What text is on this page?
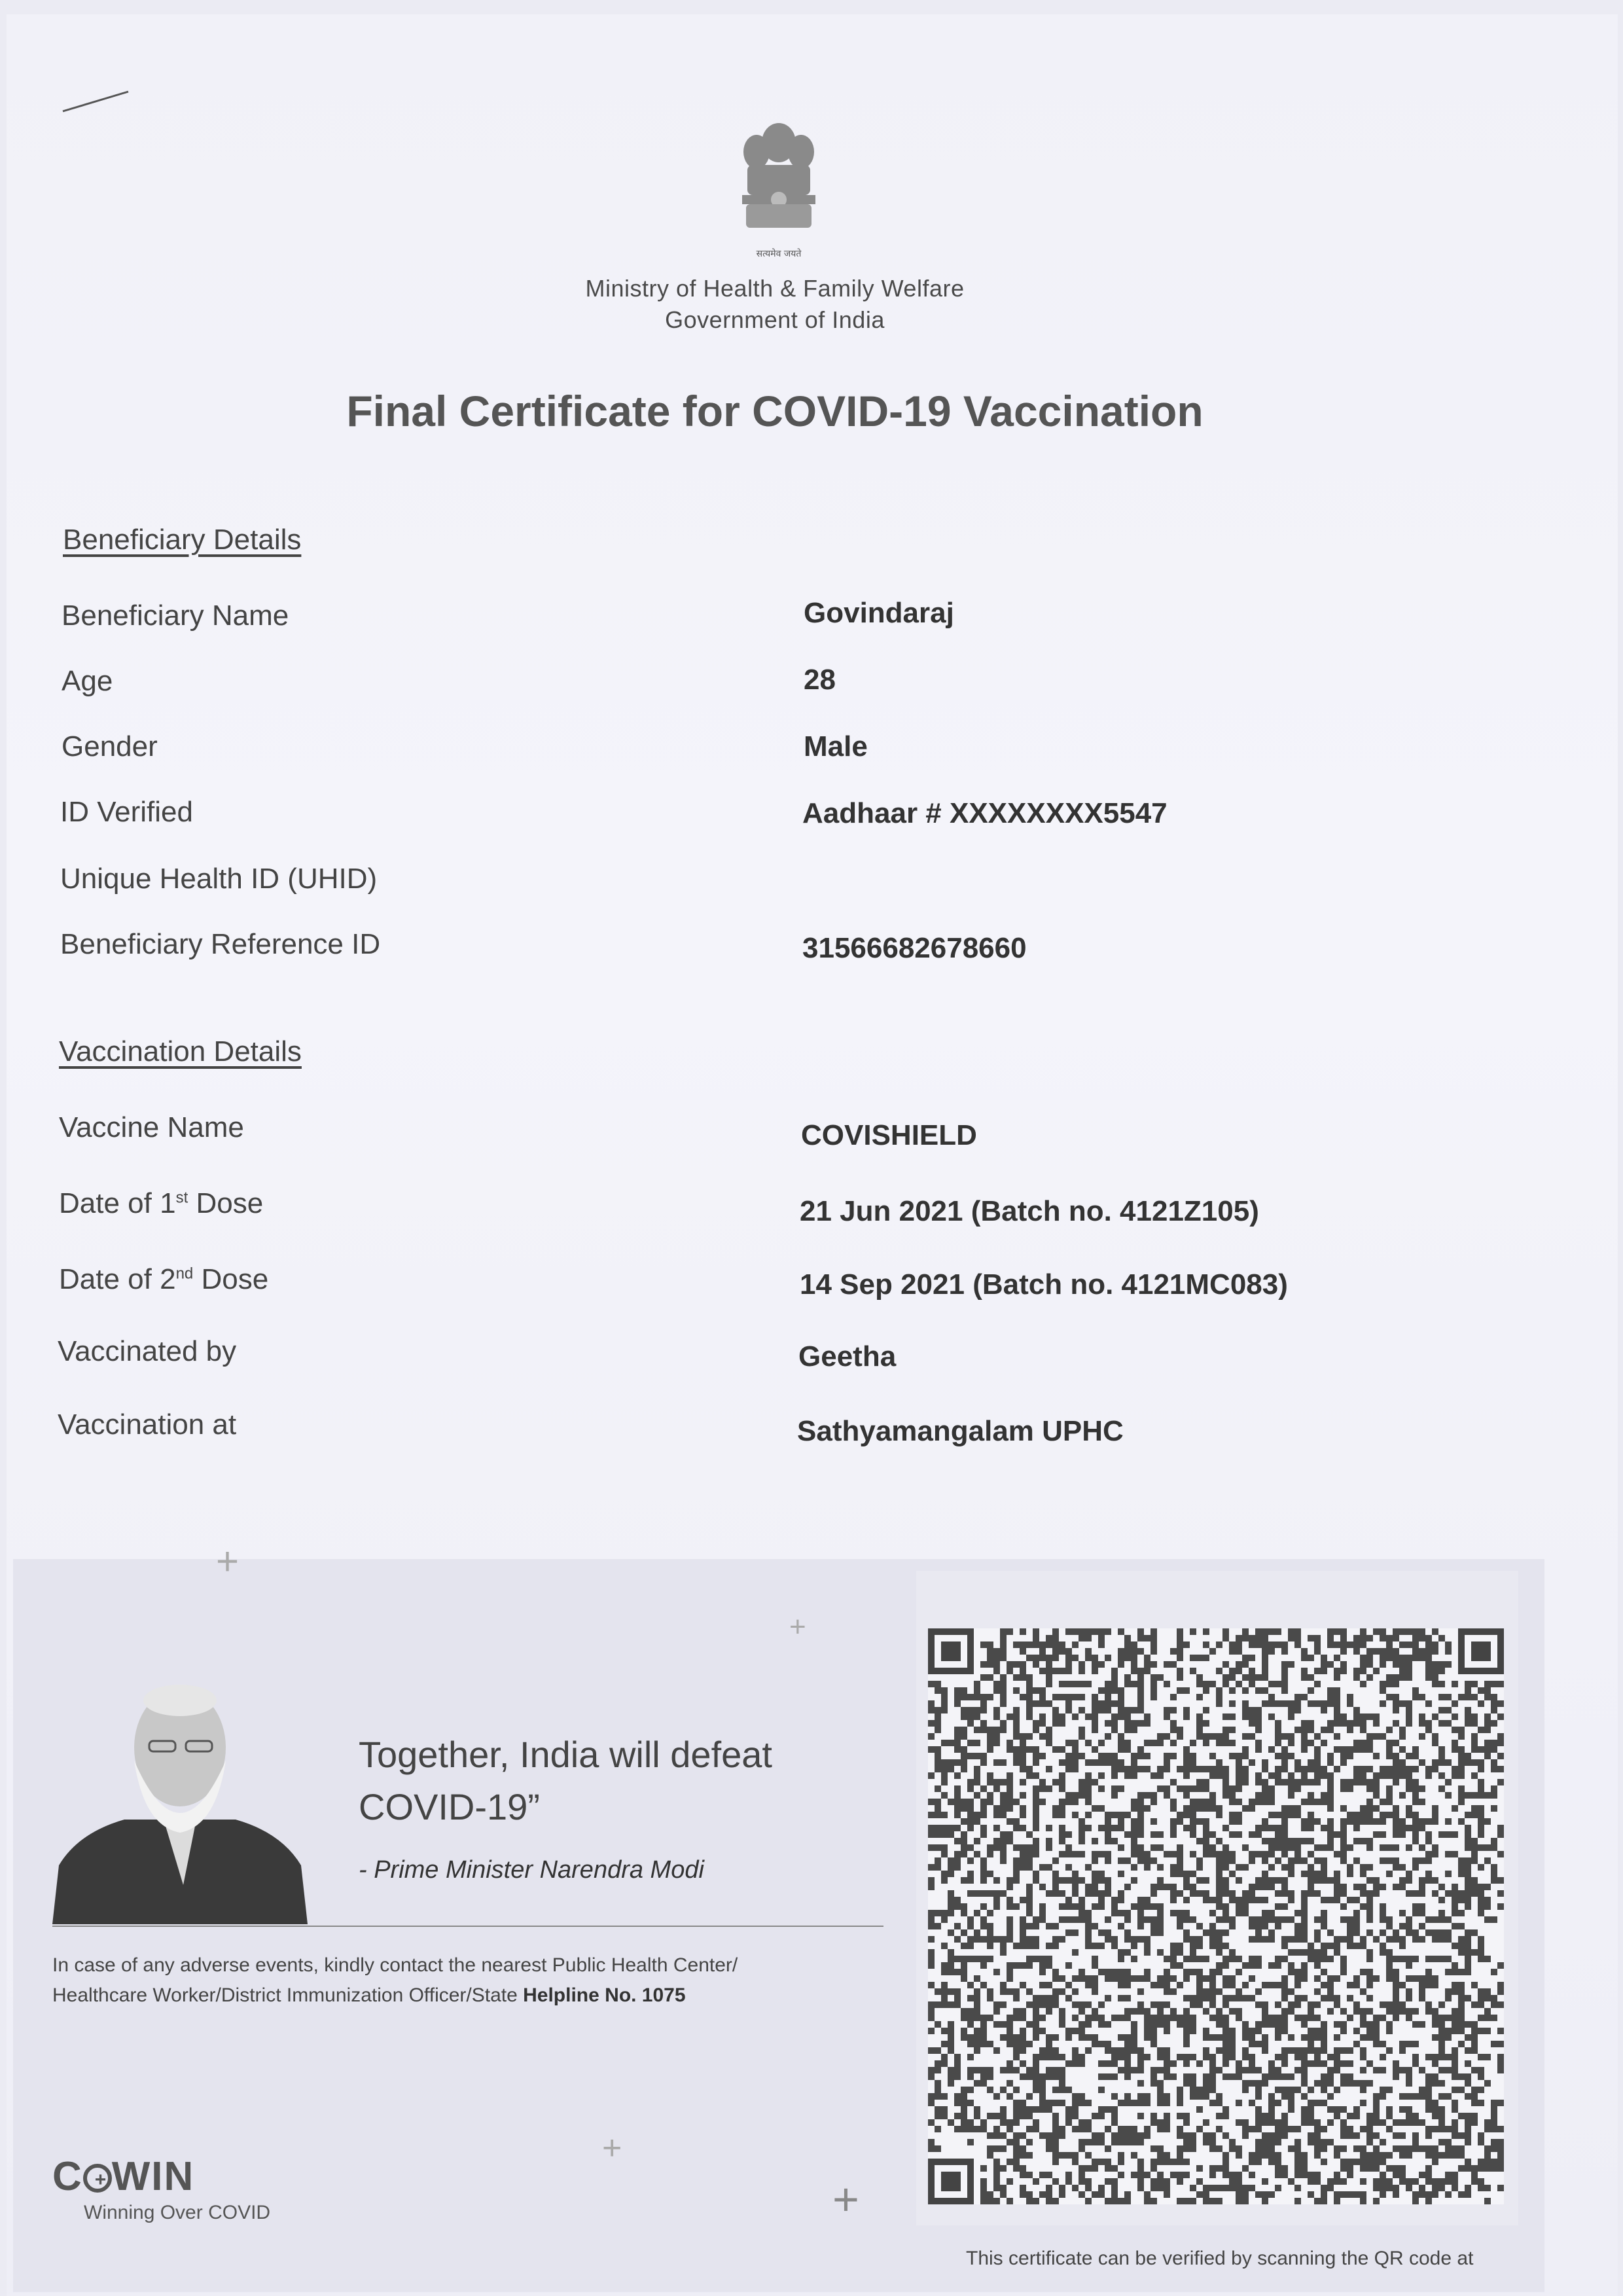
सत्यमेव जयते
Ministry of Health & Family Welfare
Government of India
Final Certificate for COVID-19 Vaccination
Beneficiary Details
Beneficiary Name	Govindaraj
Age	28
Gender	Male
ID Verified	Aadhaar # XXXXXXXX5547
Unique Health ID (UHID)
Beneficiary Reference ID	31566682678660
Vaccination Details
Vaccine Name	COVISHIELD
Date of 1st Dose	21 Jun 2021 (Batch no. 4121Z105)
Date of 2nd Dose	14 Sep 2021 (Batch no. 4121MC083)
Vaccinated by	Geetha
Vaccination at	Sathyamangalam UPHC
+
+
+
+
Together, India will defeat
COVID-19”
- Prime Minister Narendra Modi
In case of any adverse events, kindly contact the nearest Public Health Center/
Healthcare Worker/District Immunization Officer/State Helpline No. 1075
C + WIN
Winning Over COVID
This certificate can be verified by scanning the QR code at
